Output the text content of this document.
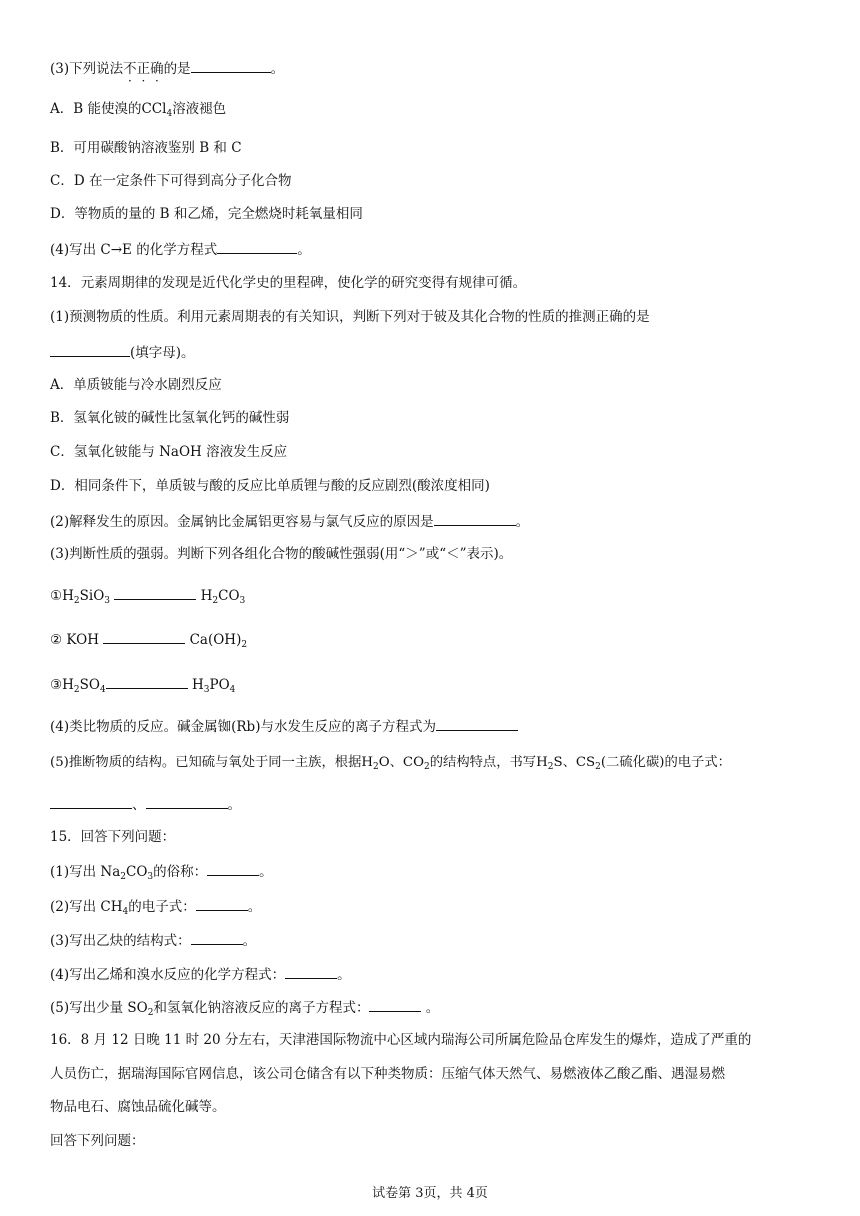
(3)下列说法不正确的是	。
A．B 能使溴的CCl$_4$溶液褪色
B．可用碳酸钠溶液鉴别 B 和 C
C．D 在一定条件下可得到高分子化合物
D．等物质的量的 B 和乙烯，完全燃烧时耗氧量相同
(4)写出 C→E 的化学方程式	。
14．元素周期律的发现是近代化学史的里程碑，使化学的研究变得有规律可循。
(1)预测物质的性质。利用元素周期表的有关知识，判断下列对于铍及其化合物的性质的推测正确的是
(填字母)。
A．单质铍能与冷水剧烈反应
B．氢氧化铍的碱性比氢氧化钙的碱性弱
C．氢氧化铍能与 NaOH 溶液发生反应
D．相同条件下，单质铍与酸的反应比单质锂与酸的反应剧烈(酸浓度相同)
(2)解释发生的原因。金属钠比金属铝更容易与氯气反应的原因是	。
(3)判断性质的强弱。判断下列各组化合物的酸碱性强弱(用“＞”或“＜”表示)。
$①H_2SiO_3$	$H_2CO_3$
② KOH	$Ca(OH)_2$
$③H_2SO_4$	$H_3PO_4$
(4)类比物质的反应。碱金属铷(Rb)与水发生反应的离子方程式为
(5)推断物质的结构。已知硫与氧处于同一主族，根据$H_2O$、$CO_2$的结构特点，书写$H_2S$、$CS_2$(二硫化碳)的电子式：
、	。
15．回答下列问题：
(1)写出 $Na_2CO_3$的俗称：	。
(2)写出 $CH_4$的电子式：	。
(3)写出乙炔的结构式：	。
(4)写出乙烯和溴水反应的化学方程式：	。
(5)写出少量 $SO_2$和氢氧化钠溶液反应的离子方程式：	。
16．8 月 12 日晚 11 时 20 分左右，天津港国际物流中心区域内瑞海公司所属危险品仓库发生的爆炸，造成了严重的
人员伤亡，据瑞海国际官网信息，该公司仓储含有以下种类物质：压缩气体天然气、易燃液体乙酸乙酯、遇湿易燃
物品电石、腐蚀品硫化碱等。
回答下列问题：
试卷第 3页，共 4页
